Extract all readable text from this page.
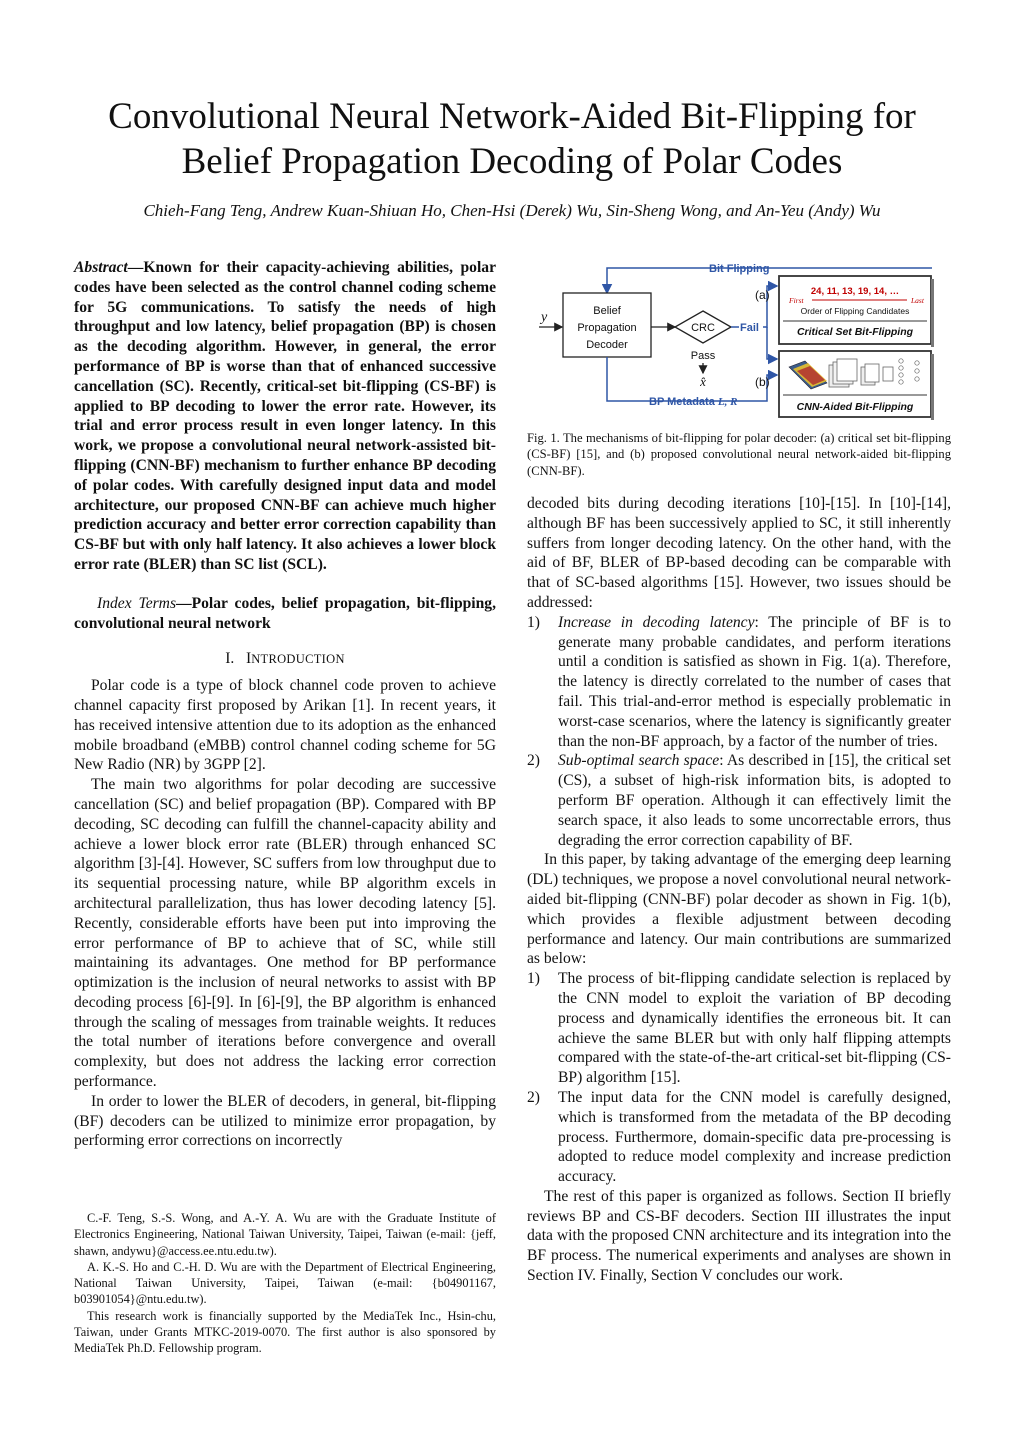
Convolutional Neural Network-Aided Bit-Flipping for
Belief Propagation Decoding of Polar Codes
Chieh-Fang Teng, Andrew Kuan-Shiuan Ho, Chen-Hsi (Derek) Wu, Sin-Sheng Wong, and An-Yeu (Andy) Wu

Abstract—Known for their capacity-achieving abilities, polar codes have been selected as the control channel coding scheme for 5G communications. To satisfy the needs of high throughput and low latency, belief propagation (BP) is chosen as the decoding algorithm. However, in general, the error performance of BP is worse than that of enhanced successive cancellation (SC). Recently, critical-set bit-flipping (CS-BF) is applied to BP decoding to lower the error rate. However, its trial and error process result in even longer latency. In this work, we propose a convolutional neural network-assisted bit-flipping (CNN-BF) mechanism to further enhance BP decoding of polar codes. With carefully designed input data and model architecture, our proposed CNN-BF can achieve much higher prediction accuracy and better error correction capability than CS-BF but with only half latency. It also achieves a lower block error rate (BLER) than SC list (SCL).

Index Terms—Polar codes, belief propagation, bit-flipping, convolutional neural network

I. INTRODUCTION

Polar code is a type of block channel code proven to achieve channel capacity first proposed by Arikan [1]. In recent years, it has received intensive attention due to its adoption as the enhanced mobile broadband (eMBB) control channel coding scheme for 5G New Radio (NR) by 3GPP [2].

The main two algorithms for polar decoding are successive cancellation (SC) and belief propagation (BP). Compared with BP decoding, SC decoding can fulfill the channel-capacity ability and achieve a lower block error rate (BLER) through enhanced SC algorithm [3]-[4]. However, SC suffers from low throughput due to its sequential processing nature, while BP algorithm excels in architectural parallelization, thus has lower decoding latency [5]. Recently, considerable efforts have been put into improving the error performance of BP to achieve that of SC, while still maintaining its advantages. One method for BP performance optimization is the inclusion of neural networks to assist with BP decoding process [6]-[9]. In [6]-[9], the BP algorithm is enhanced through the scaling of messages from trainable weights. It reduces the total number of iterations before convergence and overall complexity, but does not address the lacking error correction performance.

In order to lower the BLER of decoders, in general, bit-flipping (BF) decoders can be utilized to minimize error propagation, by performing error corrections on incorrectly

C.-F. Teng, S.-S. Wong, and A.-Y. A. Wu are with the Graduate Institute of Electronics Engineering, National Taiwan University, Taipei, Taiwan (e-mail: {jeff, shawn, andywu}@access.ee.ntu.edu.tw).

A. K.-S. Ho and C.-H. D. Wu are with the Department of Electrical Engineering, National Taiwan University, Taipei, Taiwan (e-mail: {b04901167, b03901054}@ntu.edu.tw).

This research work is financially supported by the MediaTek Inc., Hsin-chu, Taiwan, under Grants MTKC-2019-0070. The first author is also sponsored by MediaTek Ph.D. Fellowship program.

Bit Flipping
y	Belief
Propagation
Decoder
CRC
Pass
x̂
Fail
BP Metadata L, R
(a)
(b)
24, 11, 13, 19, 14, …
First	Last
Order of Flipping Candidates
Critical Set Bit-Flipping
CNN-Aided Bit-Flipping
Fig. 1. The mechanisms of bit-flipping for polar decoder: (a) critical set bit-flipping (CS-BF) [15], and (b) proposed convolutional neural network-aided bit-flipping (CNN-BF).

decoded bits during decoding iterations [10]-[15]. In [10]-[14], although BF has been successively applied to SC, it still inherently suffers from longer decoding latency. On the other hand, with the aid of BF, BLER of BP-based decoding can be comparable with that of SC-based algorithms [15]. However, two issues should be addressed:

1) Increase in decoding latency: The principle of BF is to generate many probable candidates, and perform iterations until a condition is satisfied as shown in Fig. 1(a). Therefore, the latency is directly correlated to the number of cases that fail. This trial-and-error method is especially problematic in worst-case scenarios, where the latency is significantly greater than the non-BF approach, by a factor of the number of tries.
2) Sub-optimal search space: As described in [15], the critical set (CS), a subset of high-risk information bits, is adopted to perform BF operation. Although it can effectively limit the search space, it also leads to some uncorrectable errors, thus degrading the error correction capability of BF.

In this paper, by taking advantage of the emerging deep learning (DL) techniques, we propose a novel convolutional neural network-aided bit-flipping (CNN-BF) polar decoder as shown in Fig. 1(b), which provides a flexible adjustment between decoding performance and latency. Our main contributions are summarized as below:

1) The process of bit-flipping candidate selection is replaced by the CNN model to exploit the variation of BP decoding process and dynamically identifies the erroneous bit. It can achieve the same BLER but with only half flipping attempts compared with the state-of-the-art critical-set bit-flipping (CS-BP) algorithm [15].
2) The input data for the CNN model is carefully designed, which is transformed from the metadata of the BP decoding process. Furthermore, domain-specific data pre-processing is adopted to reduce model complexity and increase prediction accuracy.

The rest of this paper is organized as follows. Section II briefly reviews BP and CS-BF decoders. Section III illustrates the input data with the proposed CNN architecture and its integration into the BF process. The numerical experiments and analyses are shown in Section IV. Finally, Section V concludes our work.
